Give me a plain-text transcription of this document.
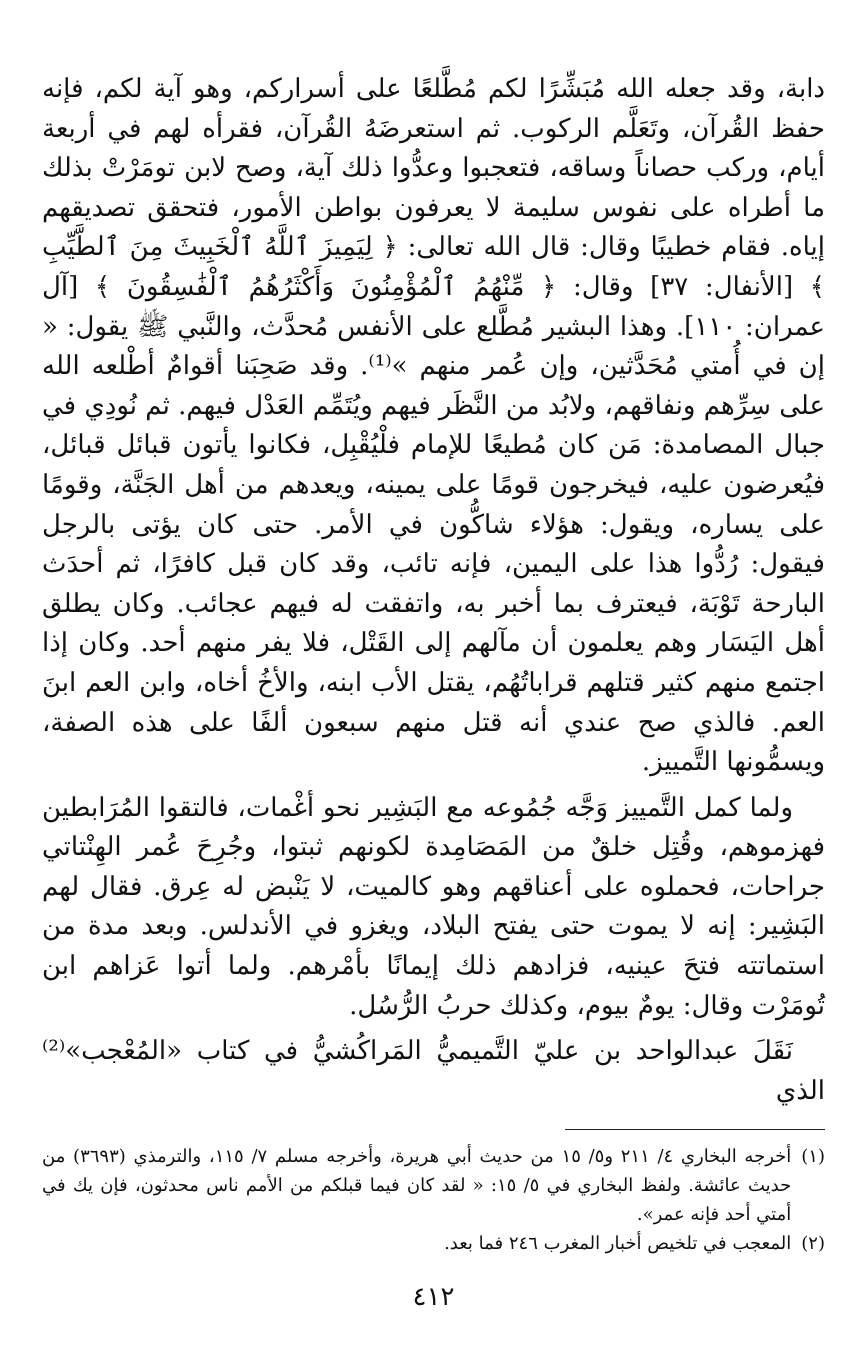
دابة، وقد جعله الله مُبَشِّرًا لكم مُطَّلعًا على أسراركم، وهو آية لكم، فإنه حفظ القُرآن، وتَعَلَّم الركوب. ثم استعرضَهُ القُرآن، فقرأه لهم في أربعة أيام، وركب حصاناً وساقه، فتعجبوا وعدُّوا ذلك آية، وصح لابن تومَرْتْ بذلك ما أطراه على نفوس سليمة لا يعرفون بواطن الأمور، فتحقق تصديقهم إياه. فقام خطيبًا وقال: قال الله تعالى: ﴿ لِيَمِيزَ ٱللَّهُ ٱلْخَبِيثَ مِنَ ٱلطَّيِّبِ ﴾ [الأنفال: ٣٧] وقال: ﴿ مِّنْهُمُ ٱلْمُؤْمِنُونَ وَأَكْثَرُهُمُ ٱلْفَٰسِقُونَ ﴾ [آل عمران: ١١٠]. وهذا البشير مُطَّلع على الأنفس مُحدَّث، والنَّبي ﷺ يقول: « إن في أُمتي مُحَدَّثين، وإن عُمر منهم »⁽¹⁾. وقد صَحِبَنا أقوامٌ أطْلعه الله على سِرِّهم ونفاقهم، ولابُد من النَّظَر فيهم ويُتَمِّم العَدْل فيهم. ثم نُودِي في جبال المصامدة: مَن كان مُطيعًا للإمام فلْيُقْبِل، فكانوا يأتون قبائل قبائل، فيُعرضون عليه، فيخرجون قومًا على يمينه، ويعدهم من أهل الجَنَّة، وقومًا على يساره، ويقول: هؤلاء شاكُّون في الأمر. حتى كان يؤتى بالرجل فيقول: رُدُّوا هذا على اليمين، فإنه تائب، وقد كان قبل كافرًا، ثم أحدَث البارحة تَوْبَة، فيعترف بما أخبر به، واتفقت له فيهم عجائب. وكان يطلق أهل اليَسَار وهم يعلمون أن مآلهم إلى القَتْل، فلا يفر منهم أحد. وكان إذا اجتمع منهم كثير قتلهم قراباتُهُم، يقتل الأب ابنه، والأخُ أخاه، وابن العم ابنَ العم. فالذي صح عندي أنه قتل منهم سبعون ألفًا على هذه الصفة، ويسمُّونها التَّمييز.

ولما كمل التَّمييز وَجَّه جُمُوعه مع البَشِير نحو أغْمات، فالتقوا المُرَابطين فهزموهم، وقُتِل خلقٌ من المَصَامِدة لكونهم ثبتوا، وجُرِحَ عُمر الهِنْتاتي جراحات، فحملوه على أعناقهم وهو كالميت، لا يَنْبض له عِرق. فقال لهم البَشِير: إنه لا يموت حتى يفتح البلاد، ويغزو في الأندلس. وبعد مدة من استماتته فتحَ عينيه، فزادهم ذلك إيمانًا بأمْرهم. ولما أتوا عَزاهم ابن تُومَرْت وقال: يومٌ بيوم، وكذلك حربُ الرُّسُل.

نَقَلَ عبدالواحد بن عليّ التَّميميُّ المَراكُشيُّ في كتاب «المُعْجب»⁽²⁾ الذي

(١)
أخرجه البخاري ٤/ ٢١١ و٥/ ١٥ من حديث أبي هريرة، وأخرجه مسلم ٧/ ١١٥، والترمذي (٣٦٩٣) من حديث عائشة. ولفظ البخاري في ٥/ ١٥: « لقد كان فيما قبلكم من الأمم ناس محدثون، فإن يك في أمتي أحد فإنه عمر».
(٢)
المعجب في تلخيص أخبار المغرب ٢٤٦ فما بعد.
٤١٢
